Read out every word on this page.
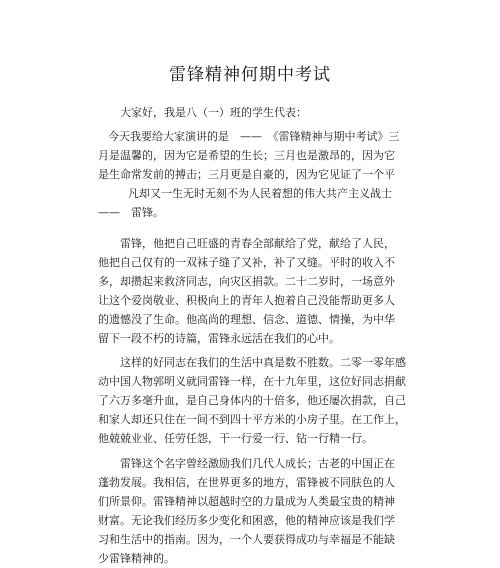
雷锋精神何期中考试
大家好，我是八（一）班的学生代表：
今天我要给大家演讲的是　——　《雷锋精神与期中考试》三
月是温馨的，因为它是希望的生长；三月也是激昂的，因为它
是生命常发前的搏击；三月更是自豪的，因为它见证了一个平
凡却又一生无时无刻不为人民着想的伟大共产主义战士
——　雷锋。
雷锋，他把自己旺盛的青春全部献给了党，献给了人民，
他把自己仅有的一双袜子缝了又补，补了又缝。平时的收入不
多，却攒起来救济同志，向灾区捐款。二十二岁时，一场意外
让这个爱岗敬业、积极向上的青年人抱着自己没能帮助更多人
的遗憾没了生命。他高尚的理想、信念、道德、情操，为中华
留下一段不朽的诗篇，雷锋永远活在我们的心中。
这样的好同志在我们的生活中真是数不胜数。二零一零年感
动中国人物郭明义就同雷锋一样，在十九年里，这位好同志捐献
了六万多毫升血，是自己身体内的十倍多，他还屡次捐款，自己
和家人却还只住在一间不到四十平方米的小房子里。在工作上，
他兢兢业业、任劳任怨，干一行爱一行、钻一行精一行。
雷锋这个名字曾经激励我们几代人成长；古老的中国正在
蓬勃发展。我相信，在世界更多的地方，雷锋被不同肤色的人
们所景仰。雷锋精神以超越时空的力量成为人类最宝贵的精神
财富。无论我们经历多少变化和困惑，他的精神应该是我们学
习和生活中的指南。因为，一个人要获得成功与幸福是不能缺
少雷锋精神的。
